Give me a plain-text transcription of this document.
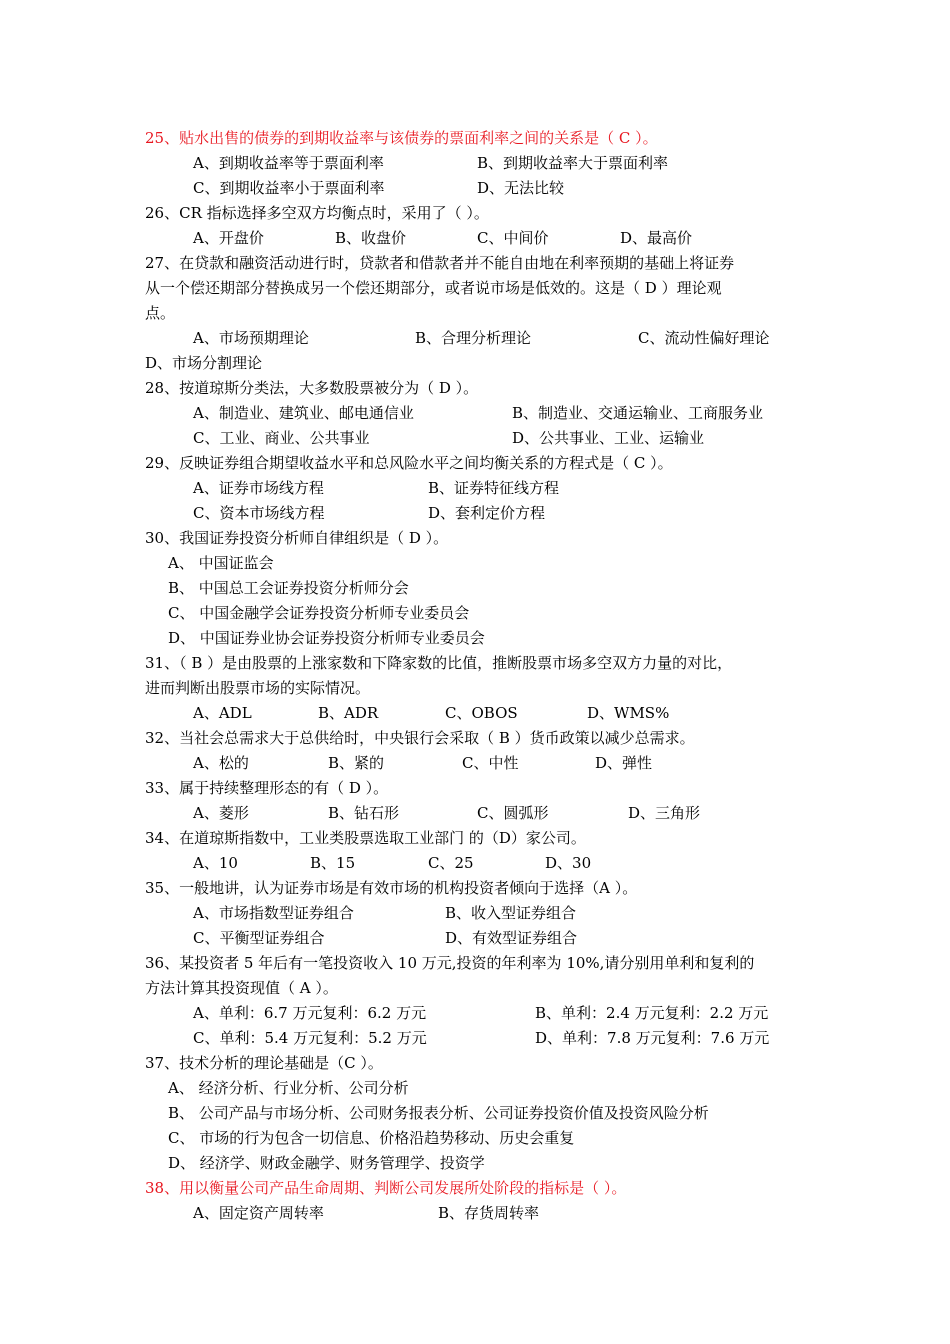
25、贴水出售的债券的到期收益率与该债券的票面利率之间的关系是（ C ）。
A、到期收益率等于票面利率	B、到期收益率大于票面利率
C、到期收益率小于票面利率	D、无法比较
26、CR 指标选择多空双方均衡点时，采用了（ ）。
A、开盘价	B、收盘价	C、中间价	D、最高价
27、在贷款和融资活动进行时，贷款者和借款者并不能自由地在利率预期的基础上将证券
从一个偿还期部分替换成另一个偿还期部分，或者说市场是低效的。这是（ D ）理论观
点。
A、市场预期理论	B、合理分析理论	C、流动性偏好理论
D、市场分割理论
28、按道琼斯分类法，大多数股票被分为（ D ）。
A、制造业、建筑业、邮电通信业	B、制造业、交通运输业、工商服务业
C、工业、商业、公共事业	D、公共事业、工业、运输业
29、反映证券组合期望收益水平和总风险水平之间均衡关系的方程式是（ C ）。
A、证券市场线方程	B、证券特征线方程
C、资本市场线方程	D、套利定价方程
30、我国证券投资分析师自律组织是（ D ）。
A、 中国证监会
B、 中国总工会证券投资分析师分会
C、 中国金融学会证券投资分析师专业委员会
D、 中国证券业协会证券投资分析师专业委员会
31、（ B ）是由股票的上涨家数和下降家数的比值，推断股票市场多空双方力量的对比，
进而判断出股票市场的实际情况。
A、ADL	B、ADR	C、OBOS	D、WMS%
32、当社会总需求大于总供给时，中央银行会采取（ B ）货币政策以减少总需求。
A、松的	B、紧的	C、中性	D、弹性
33、属于持续整理形态的有（ D ）。
A、菱形	B、钻石形	C、圆弧形	D、三角形
34、在道琼斯指数中，工业类股票选取工业部门 的（D）家公司。
A、10	B、15	C、25	D、30
35、一般地讲，认为证券市场是有效市场的机构投资者倾向于选择（A ）。
A、市场指数型证券组合	B、收入型证券组合
C、平衡型证券组合	D、有效型证券组合
36、某投资者 5 年后有一笔投资收入 10 万元,投资的年利率为 10%,请分别用单利和复利的
方法计算其投资现值（ A ）。
A、单利：6.7 万元复利：6.2 万元	B、单利：2.4 万元复利：2.2 万元
C、单利：5.4 万元复利：5.2 万元	D、单利：7.8 万元复利：7.6 万元
37、技术分析的理论基础是（C ）。
A、 经济分析、行业分析、公司分析
B、 公司产品与市场分析、公司财务报表分析、公司证券投资价值及投资风险分析
C、 市场的行为包含一切信息、价格沿趋势移动、历史会重复
D、 经济学、财政金融学、财务管理学、投资学
38、用以衡量公司产品生命周期、判断公司发展所处阶段的指标是（ ）。
A、固定资产周转率	B、存货周转率
